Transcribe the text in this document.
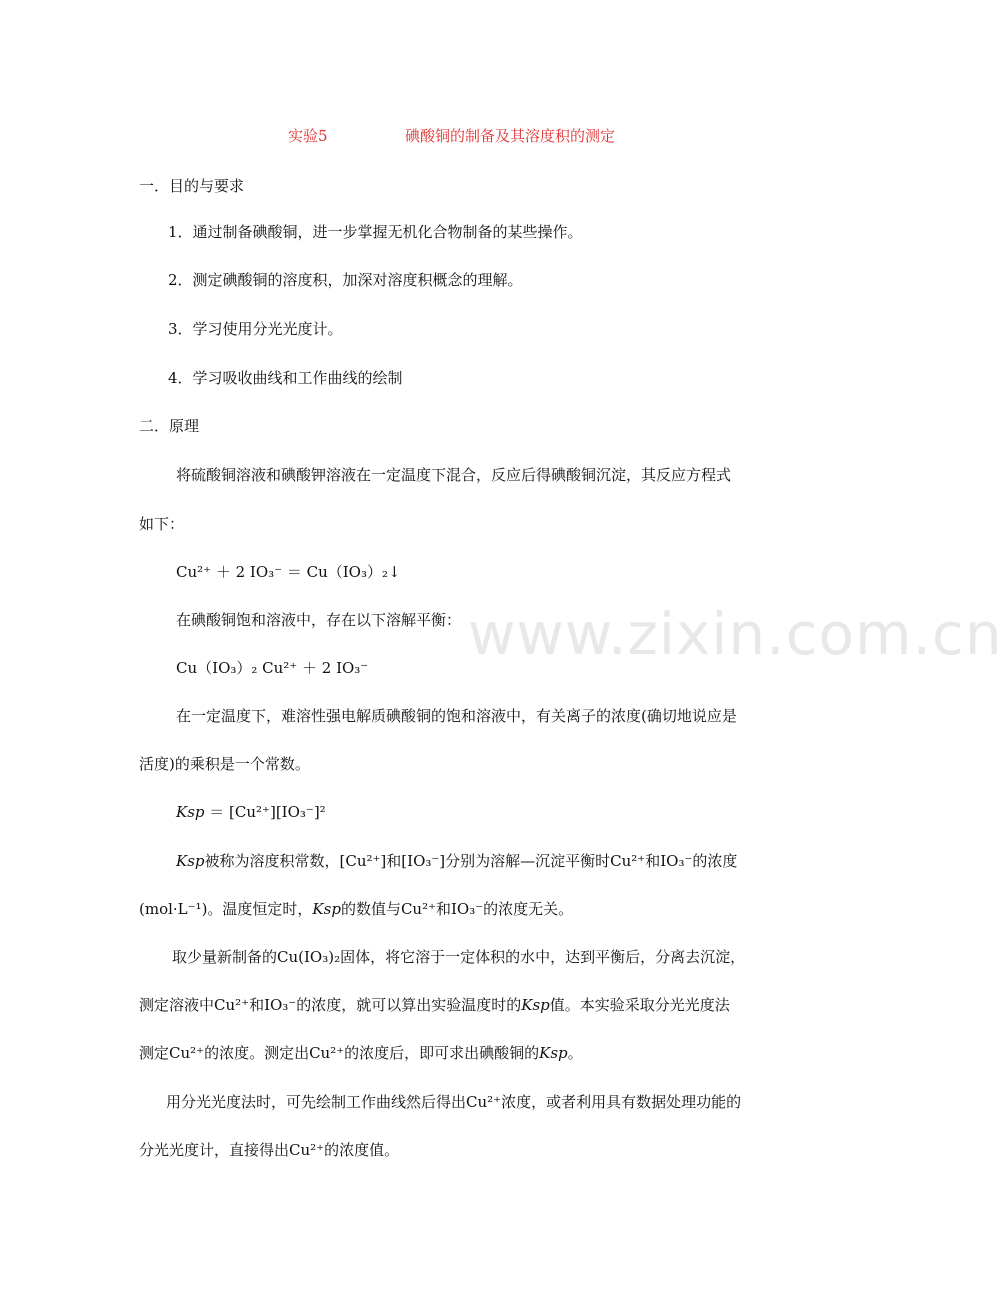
实验5	碘酸铜的制备及其溶度积的测定
一．目的与要求
1．通过制备碘酸铜，进一步掌握无机化合物制备的某些操作。
2．测定碘酸铜的溶度积，加深对溶度积概念的理解。
3．学习使用分光光度计。
4．学习吸收曲线和工作曲线的绘制
二．原理
将硫酸铜溶液和碘酸钾溶液在一定温度下混合，反应后得碘酸铜沉淀，其反应方程式
如下：
Cu²⁺ ＋ 2 IO₃⁻ ＝ Cu（IO₃）₂↓
在碘酸铜饱和溶液中，存在以下溶解平衡：
Cu（IO₃）₂ Cu²⁺ ＋ 2 IO₃⁻
在一定温度下，难溶性强电解质碘酸铜的饱和溶液中，有关离子的浓度(确切地说应是
活度)的乘积是一个常数。
Ksp ＝ [Cu²⁺][IO₃⁻]²
Ksp被称为溶度积常数，[Cu²⁺]和[IO₃⁻]分别为溶解—沉淀平衡时Cu²⁺和IO₃⁻的浓度
(mol·L⁻¹)。温度恒定时，Ksp的数值与Cu²⁺和IO₃⁻的浓度无关。
取少量新制备的Cu(IO₃)₂固体，将它溶于一定体积的水中，达到平衡后，分离去沉淀，
测定溶液中Cu²⁺和IO₃⁻的浓度，就可以算出实验温度时的Ksp值。本实验采取分光光度法
测定Cu²⁺的浓度。测定出Cu²⁺的浓度后，即可求出碘酸铜的Ksp。
用分光光度法时，可先绘制工作曲线然后得出Cu²⁺浓度，或者利用具有数据处理功能的
分光光度计，直接得出Cu²⁺的浓度值。
www.zixin.com.cn
